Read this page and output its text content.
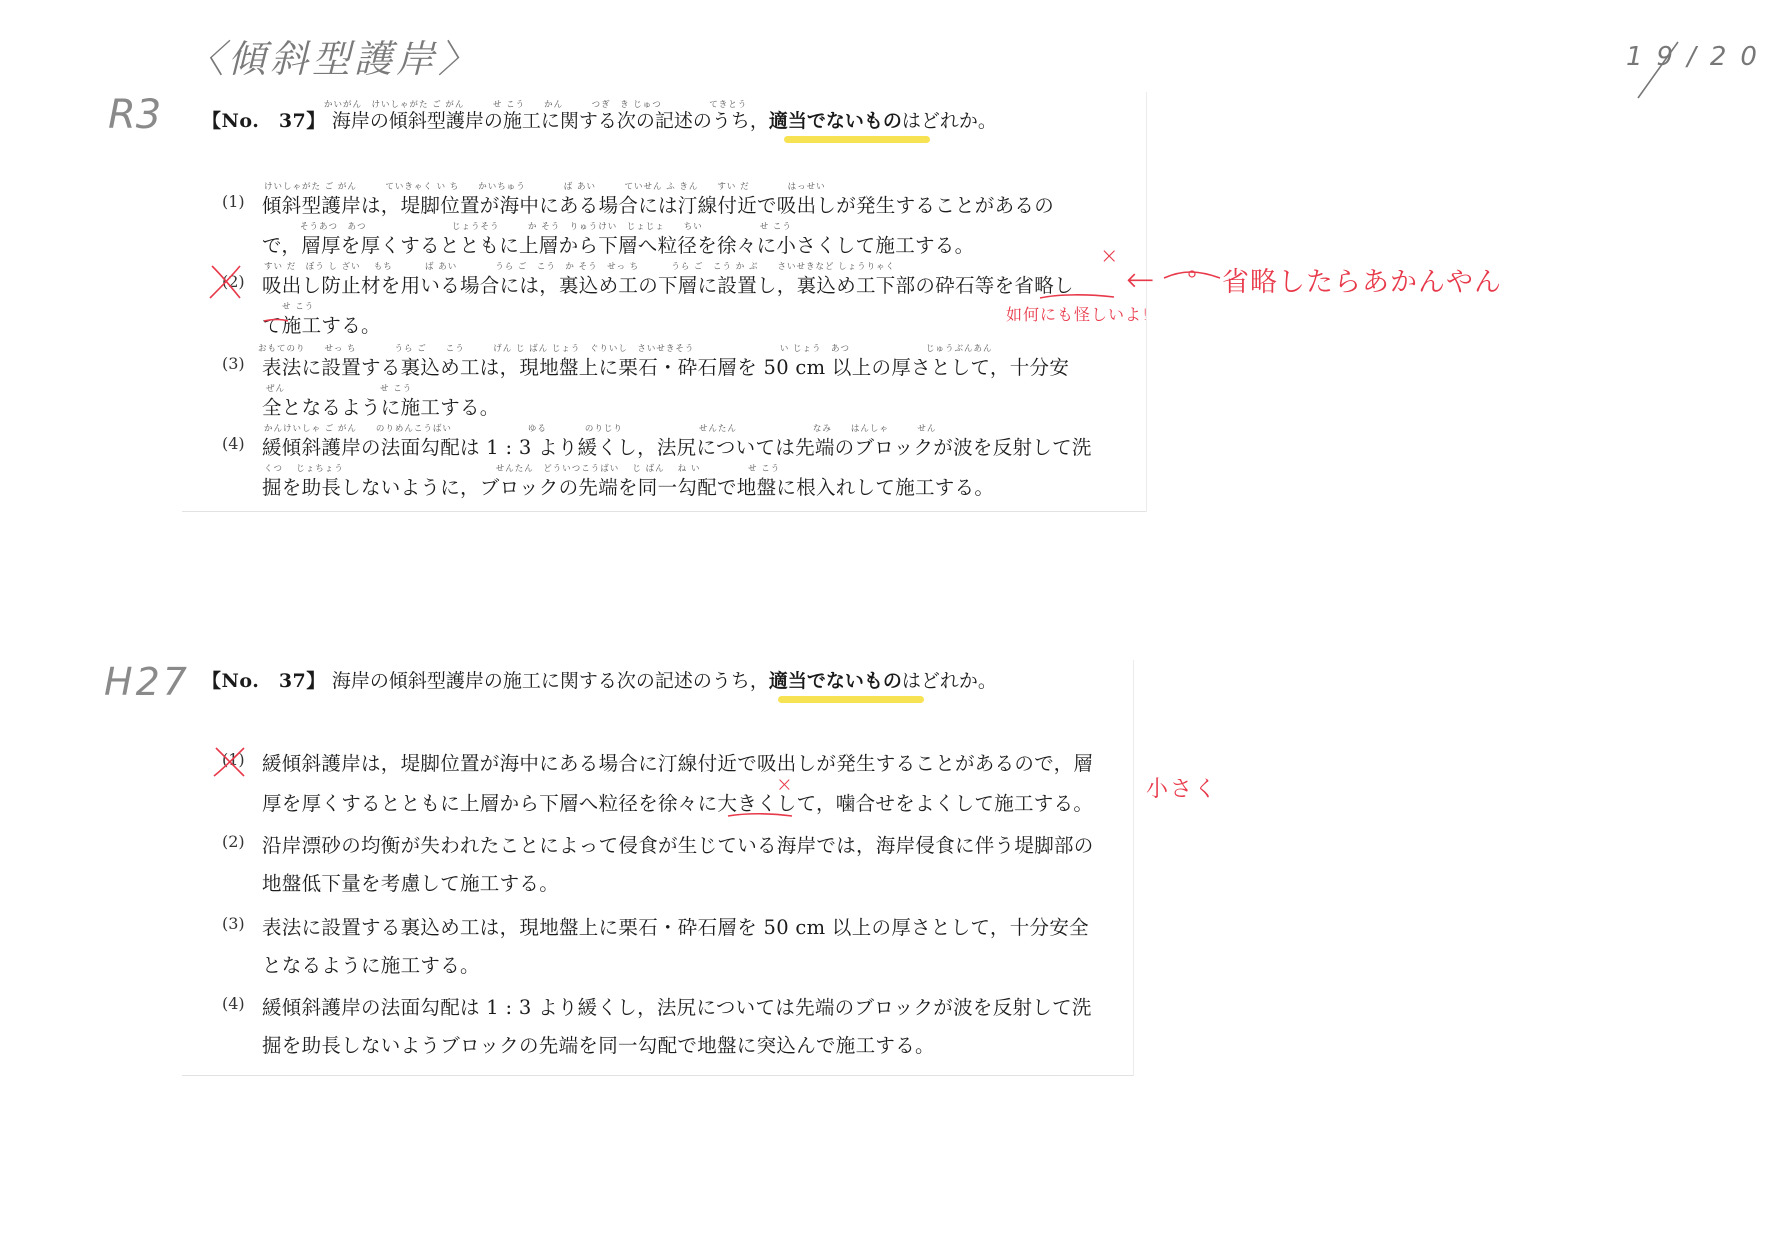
〈傾斜型護岸〉	19/20
R3	かいがん　けいしゃがた ご がん　　　せ こう　　かん　　　つぎ　き じゅつ　　　　　てきとう
【No.　37】 海岸の傾斜型護岸の施工に関する次の記述のうち，適当でないものはどれか。
(1)
けいしゃがた ご がん　　　ていきゃく い ち　　かいちゅう　　　　ば あい　　　ていせん ふ きん　　すい だ　　　　はっせい
傾斜型護岸は，堤脚位置が海中にある場合には汀線付近で吸出しが発生することがあるの
そうあつ　あつ　　　　　　　　　じょうそう　　　か そう　りゅうけい　じょじょ　　ちい　　　　　　せ こう
で，層厚を厚くするとともに上層から下層へ粒径を徐々に小さくして施工する。
(2)
すい だ　ぼう し ざい　 もち　　　 ば あい　　　　うら ご　こう　か そう　せっ ち　　　 うら ご　こう か ぶ　　さいせきなど しょうりゃく
吸出し防止材を用いる場合には，裏込め工の下層に設置し，裏込め工下部の砕石等を省略し
せ こう
て施工する。
(3)
おもてのり　　せっ ち　　　　うら ご　　こう　　　げん じ ばん じょう　ぐりいし　さいせきそう　　　　　　　　　い じょう　あつ　　　　　　　　じゅうぶんあん
表法に設置する裏込め工は，現地盤上に栗石・砕石層を 50 cm 以上の厚さとして，十分安
ぜん　　　　　　　　　　せ こう
全となるように施工する。
(4)
かんけいしゃ ご がん　　のりめんこうばい　　　　　　　　ゆる　　　　のりじり　　　　　　　　せんたん　　　　　　　　なみ　　はんしゃ　　　せん
緩傾斜護岸の法面勾配は 1 : 3 より緩くし，法尻については先端のブロックが波を反射して洗
くつ　 じょちょう　　　　　　　　　　　　　　　　せんたん　どういつこうばい　 じ ばん　 ね い　　　　　せ こう
掘を助長しないように，ブロックの先端を同一勾配で地盤に根入れして施工する。
×
←	省略したらあかんやん
如何にも怪しいよ!
H27 【No.　37】 海岸の傾斜型護岸の施工に関する次の記述のうち，適当でないものはどれか。
(1) 緩傾斜護岸は，堤脚位置が海中にある場合に汀線付近で吸出しが発生することがあるので，層
厚を厚くするとともに上層から下層へ粒径を徐々に大きくして，噛合せをよくして施工する。
(2) 沿岸漂砂の均衡が失われたことによって侵食が生じている海岸では，海岸侵食に伴う堤脚部の
地盤低下量を考慮して施工する。
(3) 表法に設置する裏込め工は，現地盤上に栗石・砕石層を 50 cm 以上の厚さとして，十分安全
となるように施工する。
(4) 緩傾斜護岸の法面勾配は 1 : 3 より緩くし，法尻については先端のブロックが波を反射して洗
掘を助長しないようブロックの先端を同一勾配で地盤に突込んで施工する。
×	小さく
